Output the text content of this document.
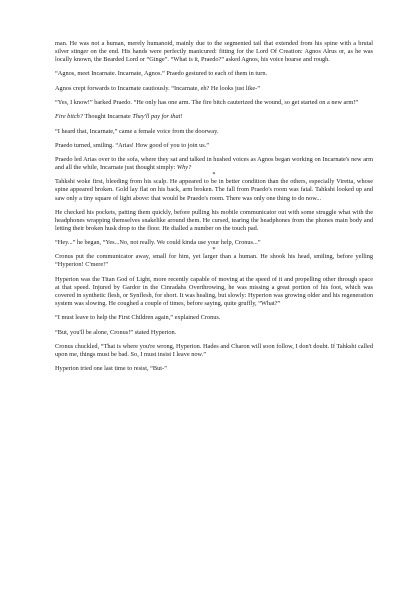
man. He was not a human, merely humanoid, mainly due to the segmented tail that extended from his spine with a brutal silver stinger on the end. His hands were perfectly manicured: fitting for the Lord Of Creation: Agnos Alrus or, as he was locally known, the Bearded Lord or “Ginge”. “What is it, Praedo?” asked Agnos, his voice hoarse and rough.

“Agnos, meet Incarnate. Incarnate, Agnos.” Praedo gestured to each of them in turn.

Agnos crept forwards to Incarnate cautiously. “Incarnate, eh? He looks just like-”

“Yes, I know!” barked Praedo. “He only has one arm. The fire bitch cauterized the wound, so get started on a new arm!”

Fire bitch? Thought Incarnate They'll pay for that!

“I heard that, Incarnate,” came a female voice from the doorway.

Praedo turned, smiling. “Arias! How good of you to join us.”

Praedo led Arias over to the sofa, where they sat and talked in hushed voices as Agnos began working on Incarnate's new arm and all the while, Incarnate just thought simply: Why?

*

Tahkshi woke first, bleeding from his scalp. He appeared to be in better condition than the others, especially Viretta, whose spine appeared broken. Gold lay flat on his back, arm broken. The fall from Praedo's room was fatal. Tahkshi looked up and saw only a tiny square of light above: that would be Praedo's room. There was only one thing to do now...

He checked his pockets, patting them quickly, before pulling his mobile communicator out with some struggle what with the headphones wrapping themselves snakelike around them. He cursed, tearing the headphones from the phones main body and letting their broken husk drop to the floor. He dialled a number on the touch pad.

“Hey...” he began, “Yes...No, not really. We could kinda use your help, Cronus...”

*

Cronus put the communicator away, small for him, yet larger than a human. He shook his head, smiling, before yelling “Hyperion! C'mere!”

Hyperion was the Titan God of Light, more recently capable of moving at the speed of it and propelling other through space at that speed. Injured by Gardor in the Cinradahs Overthrowing, he was missing a great portion of his foot, which was covered in synthetic flesh, or Synflesh, for short. It was healing, but slowly: Hyperion was growing older and his regeneration system was slowing. He coughed a couple of times, before saying, quite gruffly, “What?”

“I must leave to help the First Children again,” explained Cronus.

“But, you'll be alone, Cronus!” stated Hyperion.

Cronus chuckled, “That is where you're wrong, Hyperion. Hades and Charon will soon follow, I don't doubt. If Tahkshi called upon me, things must be bad. So, I must insist I leave now.”

Hyperion tried one last time to resist, “But-”
